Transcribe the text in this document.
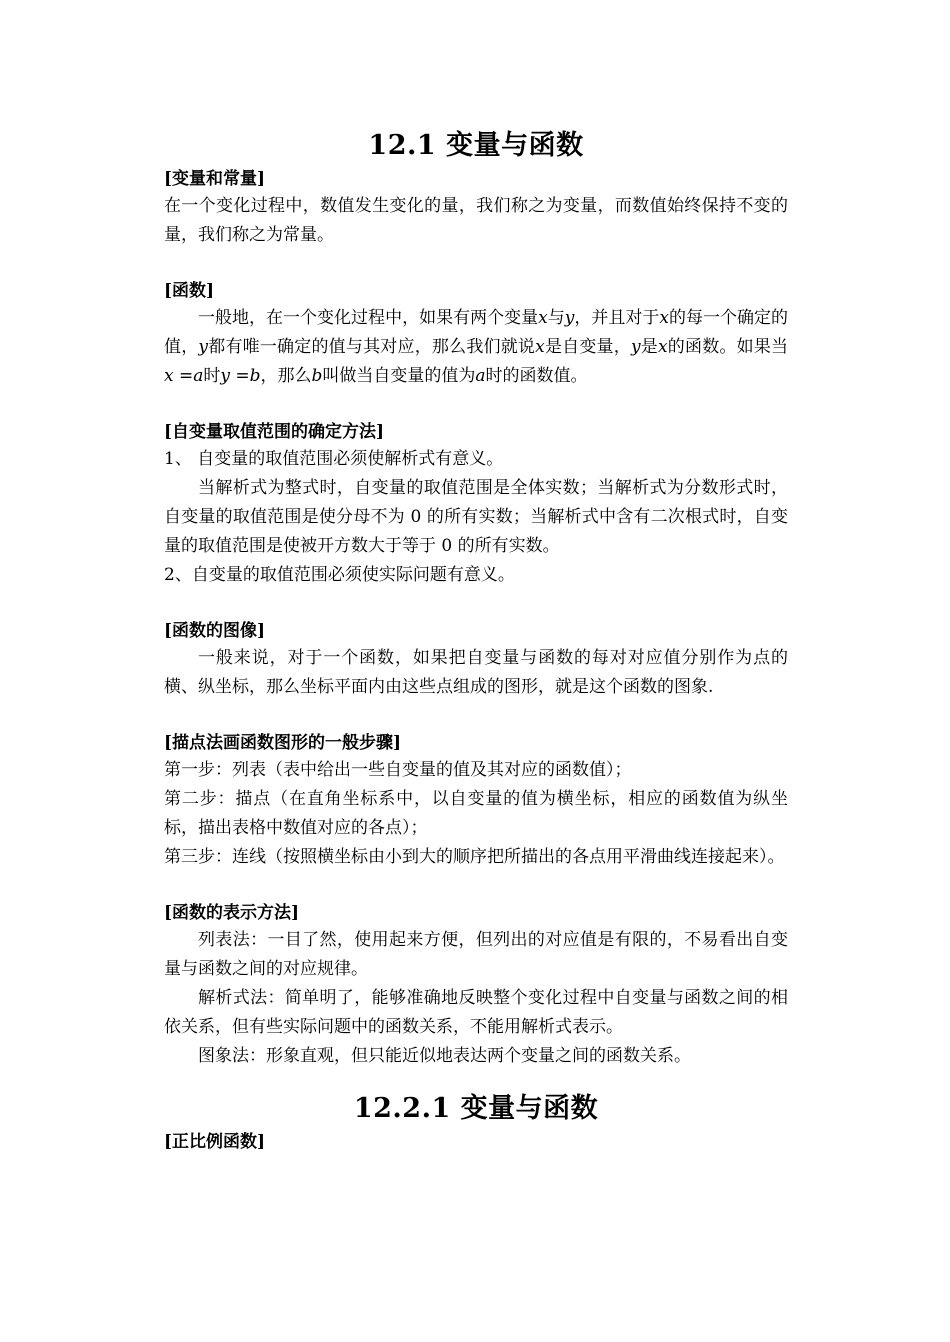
12.1 变量与函数
[变量和常量]

在一个变化过程中，数值发生变化的量，我们称之为变量，而数值始终保持不变的量，我们称之为常量。

[函数]

一般地，在一个变化过程中，如果有两个变量x与y，并且对于x的每一个确定的值，y都有唯一确定的值与其对应，那么我们就说x是自变量，y是x的函数。如果当x =a时y =b，那么b叫做当自变量的值为a时的函数值。

[自变量取值范围的确定方法]

1、 自变量的取值范围必须使解析式有意义。

当解析式为整式时，自变量的取值范围是全体实数；当解析式为分数形式时，自变量的取值范围是使分母不为 0 的所有实数；当解析式中含有二次根式时，自变量的取值范围是使被开方数大于等于 0 的所有实数。

2、自变量的取值范围必须使实际问题有意义。

[函数的图像]

一般来说，对于一个函数，如果把自变量与函数的每对对应值分别作为点的横、纵坐标，那么坐标平面内由这些点组成的图形，就是这个函数的图象.

[描点法画函数图形的一般步骤]

第一步：列表（表中给出一些自变量的值及其对应的函数值）；

第二步：描点（在直角坐标系中，以自变量的值为横坐标，相应的函数值为纵坐标，描出表格中数值对应的各点）；

第三步：连线（按照横坐标由小到大的顺序把所描出的各点用平滑曲线连接起来）。

[函数的表示方法]

列表法：一目了然，使用起来方便，但列出的对应值是有限的，不易看出自变量与函数之间的对应规律。

解析式法：简单明了，能够准确地反映整个变化过程中自变量与函数之间的相依关系，但有些实际问题中的函数关系，不能用解析式表示。

图象法：形象直观，但只能近似地表达两个变量之间的函数关系。

12.2.1 变量与函数
[正比例函数]
